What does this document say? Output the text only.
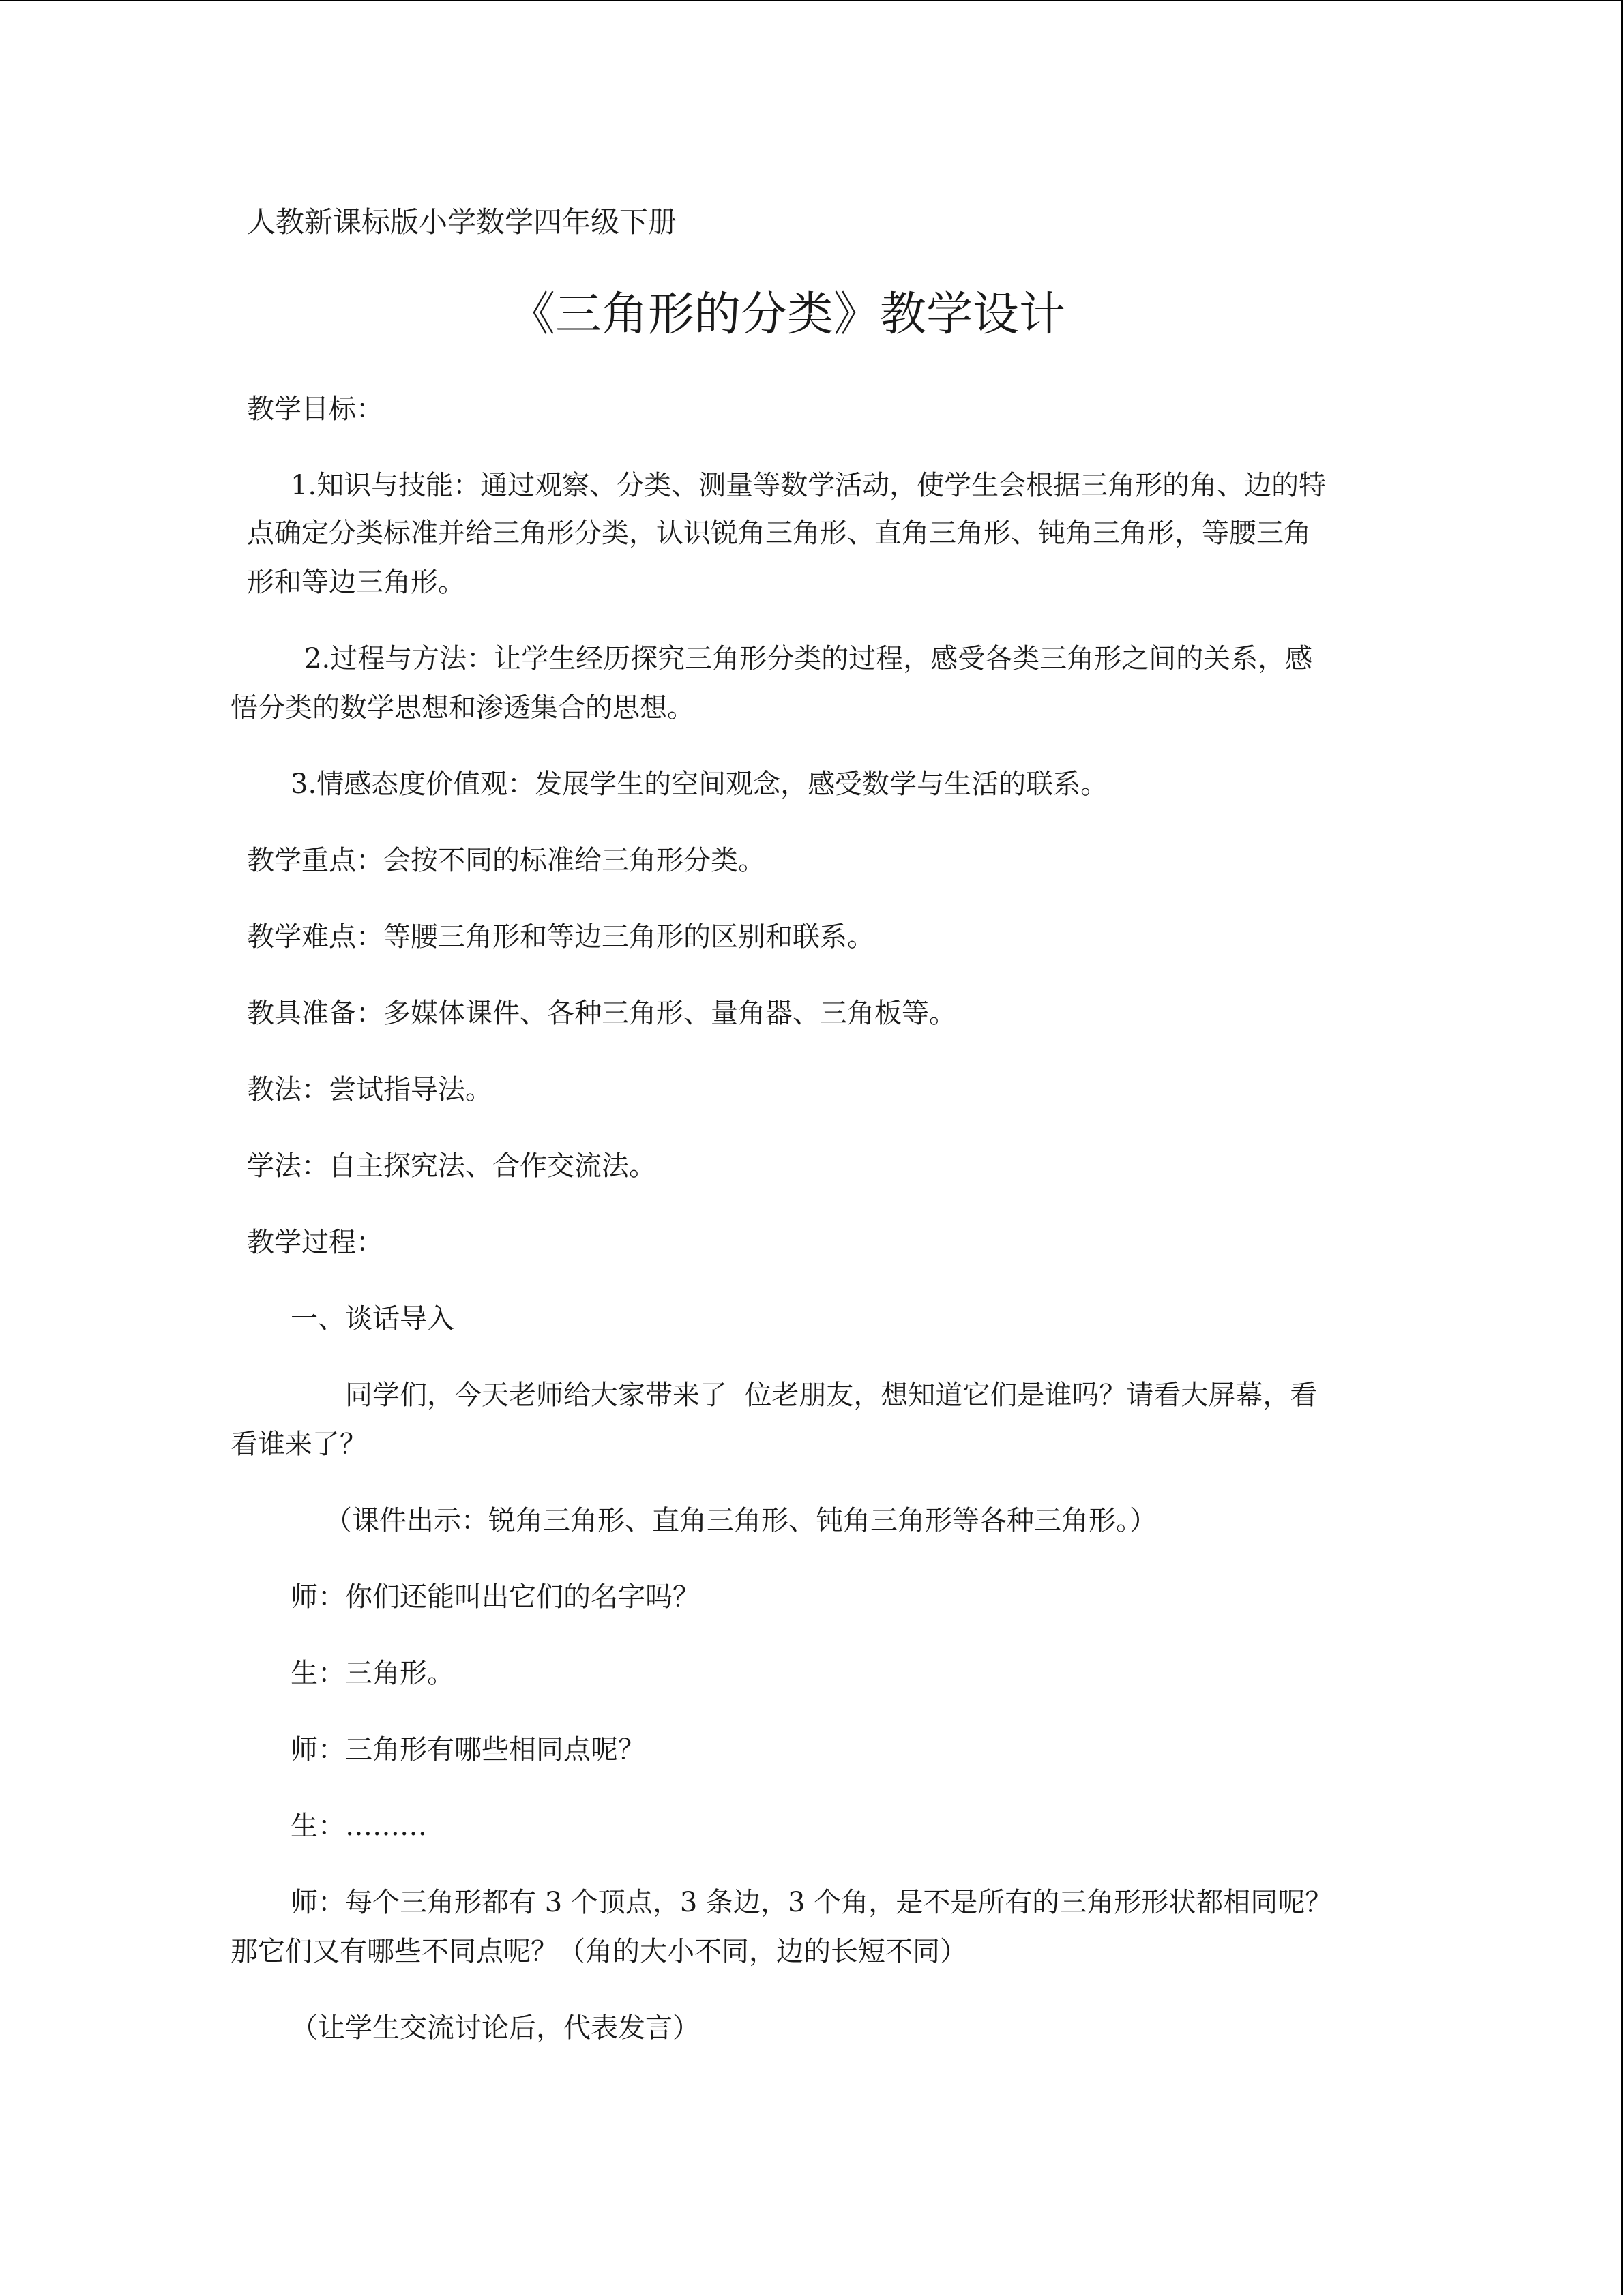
人教新课标版小学数学四年级下册
《三角形的分类》教学设计
教学目标：
1.知识与技能：通过观察、分类、测量等数学活动，使学生会根据三角形的角、边的特
点确定分类标准并给三角形分类，认识锐角三角形、直角三角形、钝角三角形，等腰三角
形和等边三角形。
2.过程与方法：让学生经历探究三角形分类的过程，感受各类三角形之间的关系，感
悟分类的数学思想和渗透集合的思想。
3.情感态度价值观：发展学生的空间观念，感受数学与生活的联系。
教学重点：会按不同的标准给三角形分类。
教学难点：等腰三角形和等边三角形的区别和联系。
教具准备：多媒体课件、各种三角形、量角器、三角板等。
教法：尝试指导法。
学法：自主探究法、合作交流法。
教学过程：
一、谈话导入
同学们，今天老师给大家带来了  位老朋友，想知道它们是谁吗？请看大屏幕，看
看谁来了？
（课件出示：锐角三角形、直角三角形、钝角三角形等各种三角形。）
师：你们还能叫出它们的名字吗？
生：三角形。
师：三角形有哪些相同点呢？
生：………
师：每个三角形都有 3 个顶点，3 条边，3 个角，是不是所有的三角形形状都相同呢？
那它们又有哪些不同点呢？（角的大小不同，边的长短不同）
（让学生交流讨论后，代表发言）
